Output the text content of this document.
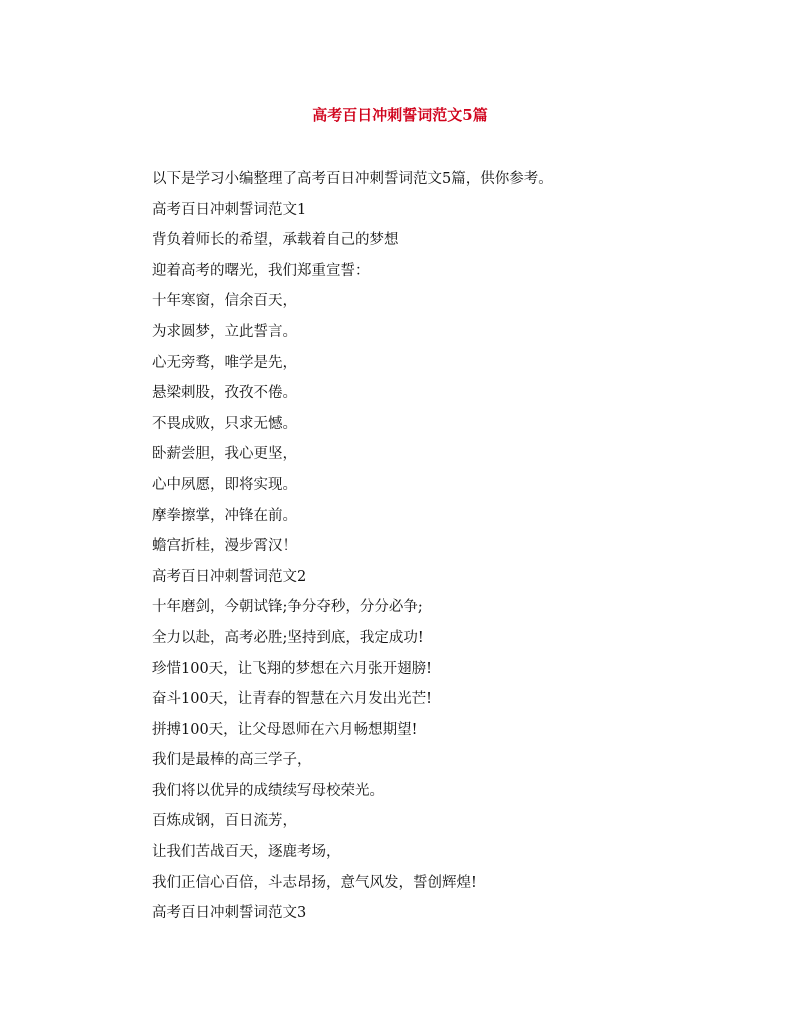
高考百日冲刺誓词范文5篇
以下是学习小编整理了高考百日冲刺誓词范文5篇，供你参考。
高考百日冲刺誓词范文1
背负着师长的希望，承载着自己的梦想
迎着高考的曙光，我们郑重宣誓：
十年寒窗，信余百天，
为求圆梦，立此誓言。
心无旁骛，唯学是先，
悬梁刺股，孜孜不倦。
不畏成败，只求无憾。
卧薪尝胆，我心更坚，
心中夙愿，即将实现。
摩拳擦掌，冲锋在前。
蟾宫折桂，漫步霄汉！
高考百日冲刺誓词范文2
十年磨剑，今朝试锋;争分夺秒，分分必争;
全力以赴，高考必胜;坚持到底，我定成功!
珍惜100天，让飞翔的梦想在六月张开翅膀!
奋斗100天，让青春的智慧在六月发出光芒!
拼搏100天，让父母恩师在六月畅想期望!
我们是最棒的高三学子，
我们将以优异的成绩续写母校荣光。
百炼成钢，百日流芳，
让我们苦战百天，逐鹿考场，
我们正信心百倍，斗志昂扬，意气风发，誓创辉煌!
高考百日冲刺誓词范文3
